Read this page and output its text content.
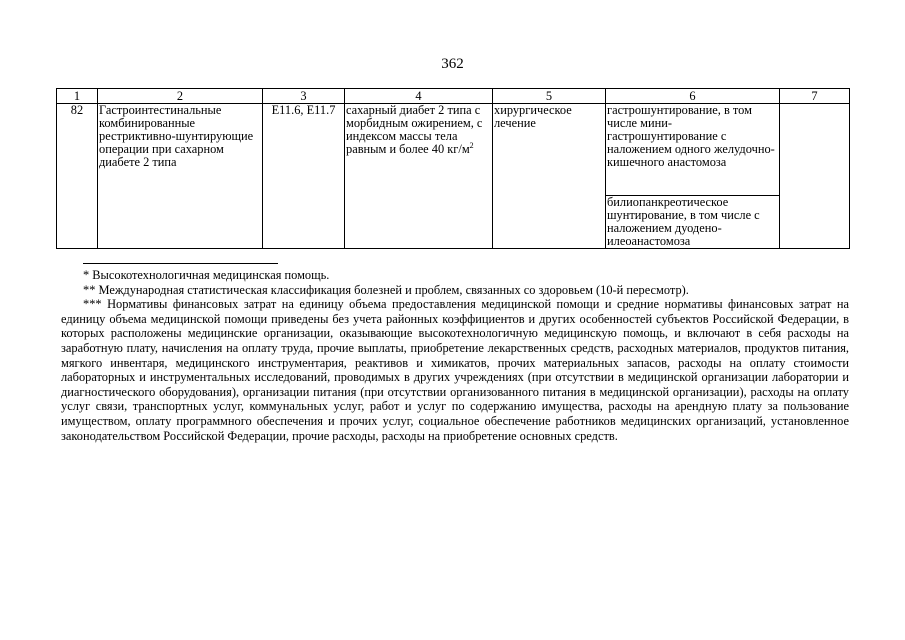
362
1	2	3	4	5	6	7
82	Гастроинтестинальные комбинированные рестриктивно-шунтирующие операции при сахарном диабете 2 типа	E11.6, E11.7	сахарный диабет 2 типа с морбидным ожирением, с индексом массы тела равным и более 40 $кг/м^2$	хирургическое лечение	гастрошунтирование, в том числе мини-гастрошунтирование с наложением одного желудочно-кишечного анастомоза	
					билиопанкреотическое шунтирование, в том числе с наложением дуодено-илеоанастомоза	

* Высокотехнологичная медицинская помощь.

** Международная статистическая классификация болезней и проблем, связанных со здоровьем (10-й пересмотр).

*** Нормативы финансовых затрат на единицу объема предоставления медицинской помощи и средние нормативы финансовых затрат на единицу объема медицинской помощи приведены без учета районных коэффициентов и других особенностей субъектов Российской Федерации, в которых расположены медицинские организации, оказывающие высокотехнологичную медицинскую помощь, и включают в себя расходы на заработную плату, начисления на оплату труда, прочие выплаты, приобретение лекарственных средств, расходных материалов, продуктов питания, мягкого инвентаря, медицинского инструментария, реактивов и химикатов, прочих материальных запасов, расходы на оплату стоимости лабораторных и инструментальных исследований, проводимых в других учреждениях (при отсутствии в медицинской организации лаборатории и диагностического оборудования), организации питания (при отсутствии организованного питания в медицинской организации), расходы на оплату услуг связи, транспортных услуг, коммунальных услуг, работ и услуг по содержанию имущества, расходы на арендную плату за пользование имуществом, оплату программного обеспечения и прочих услуг, социальное обеспечение работников медицинских организаций, установленное законодательством Российской Федерации, прочие расходы, расходы на приобретение основных средств.
